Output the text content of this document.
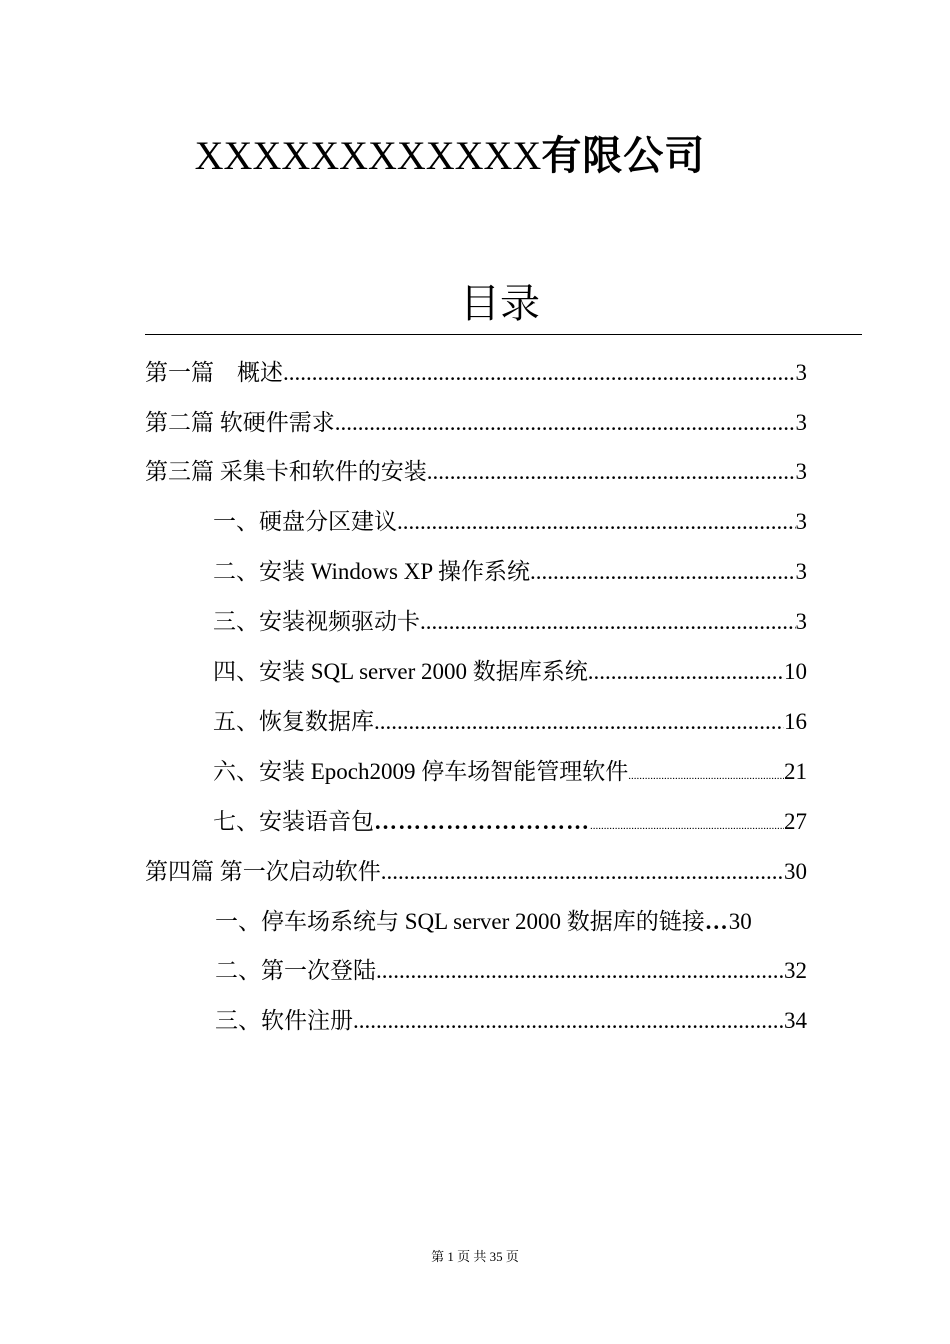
XXXXXXXXXXXX有限公司
目录
第一篇　概述 .....	3
第二篇 软硬件需求 .....	3
第三篇 采集卡和软件的安装 .....	3
一、硬盘分区建议 .....	3
二、安装 Windows XP 操作系统 .....	3
三、安装视频驱动卡 .....	3
四、安装 SQL server 2000 数据库系统 .....	10
五、恢复数据库 .....	16
六、安装 Epoch2009 停车场智能管理软件 .....	21
七、安装语音包 ……………………… .....	27
第四篇 第一次启动软件 .....	30
一、停车场系统与 SQL server 2000 数据库的链接 … 30
二、第一次登陆 .....	32
三、软件注册 .....	34
第 1 页 共 35 页
